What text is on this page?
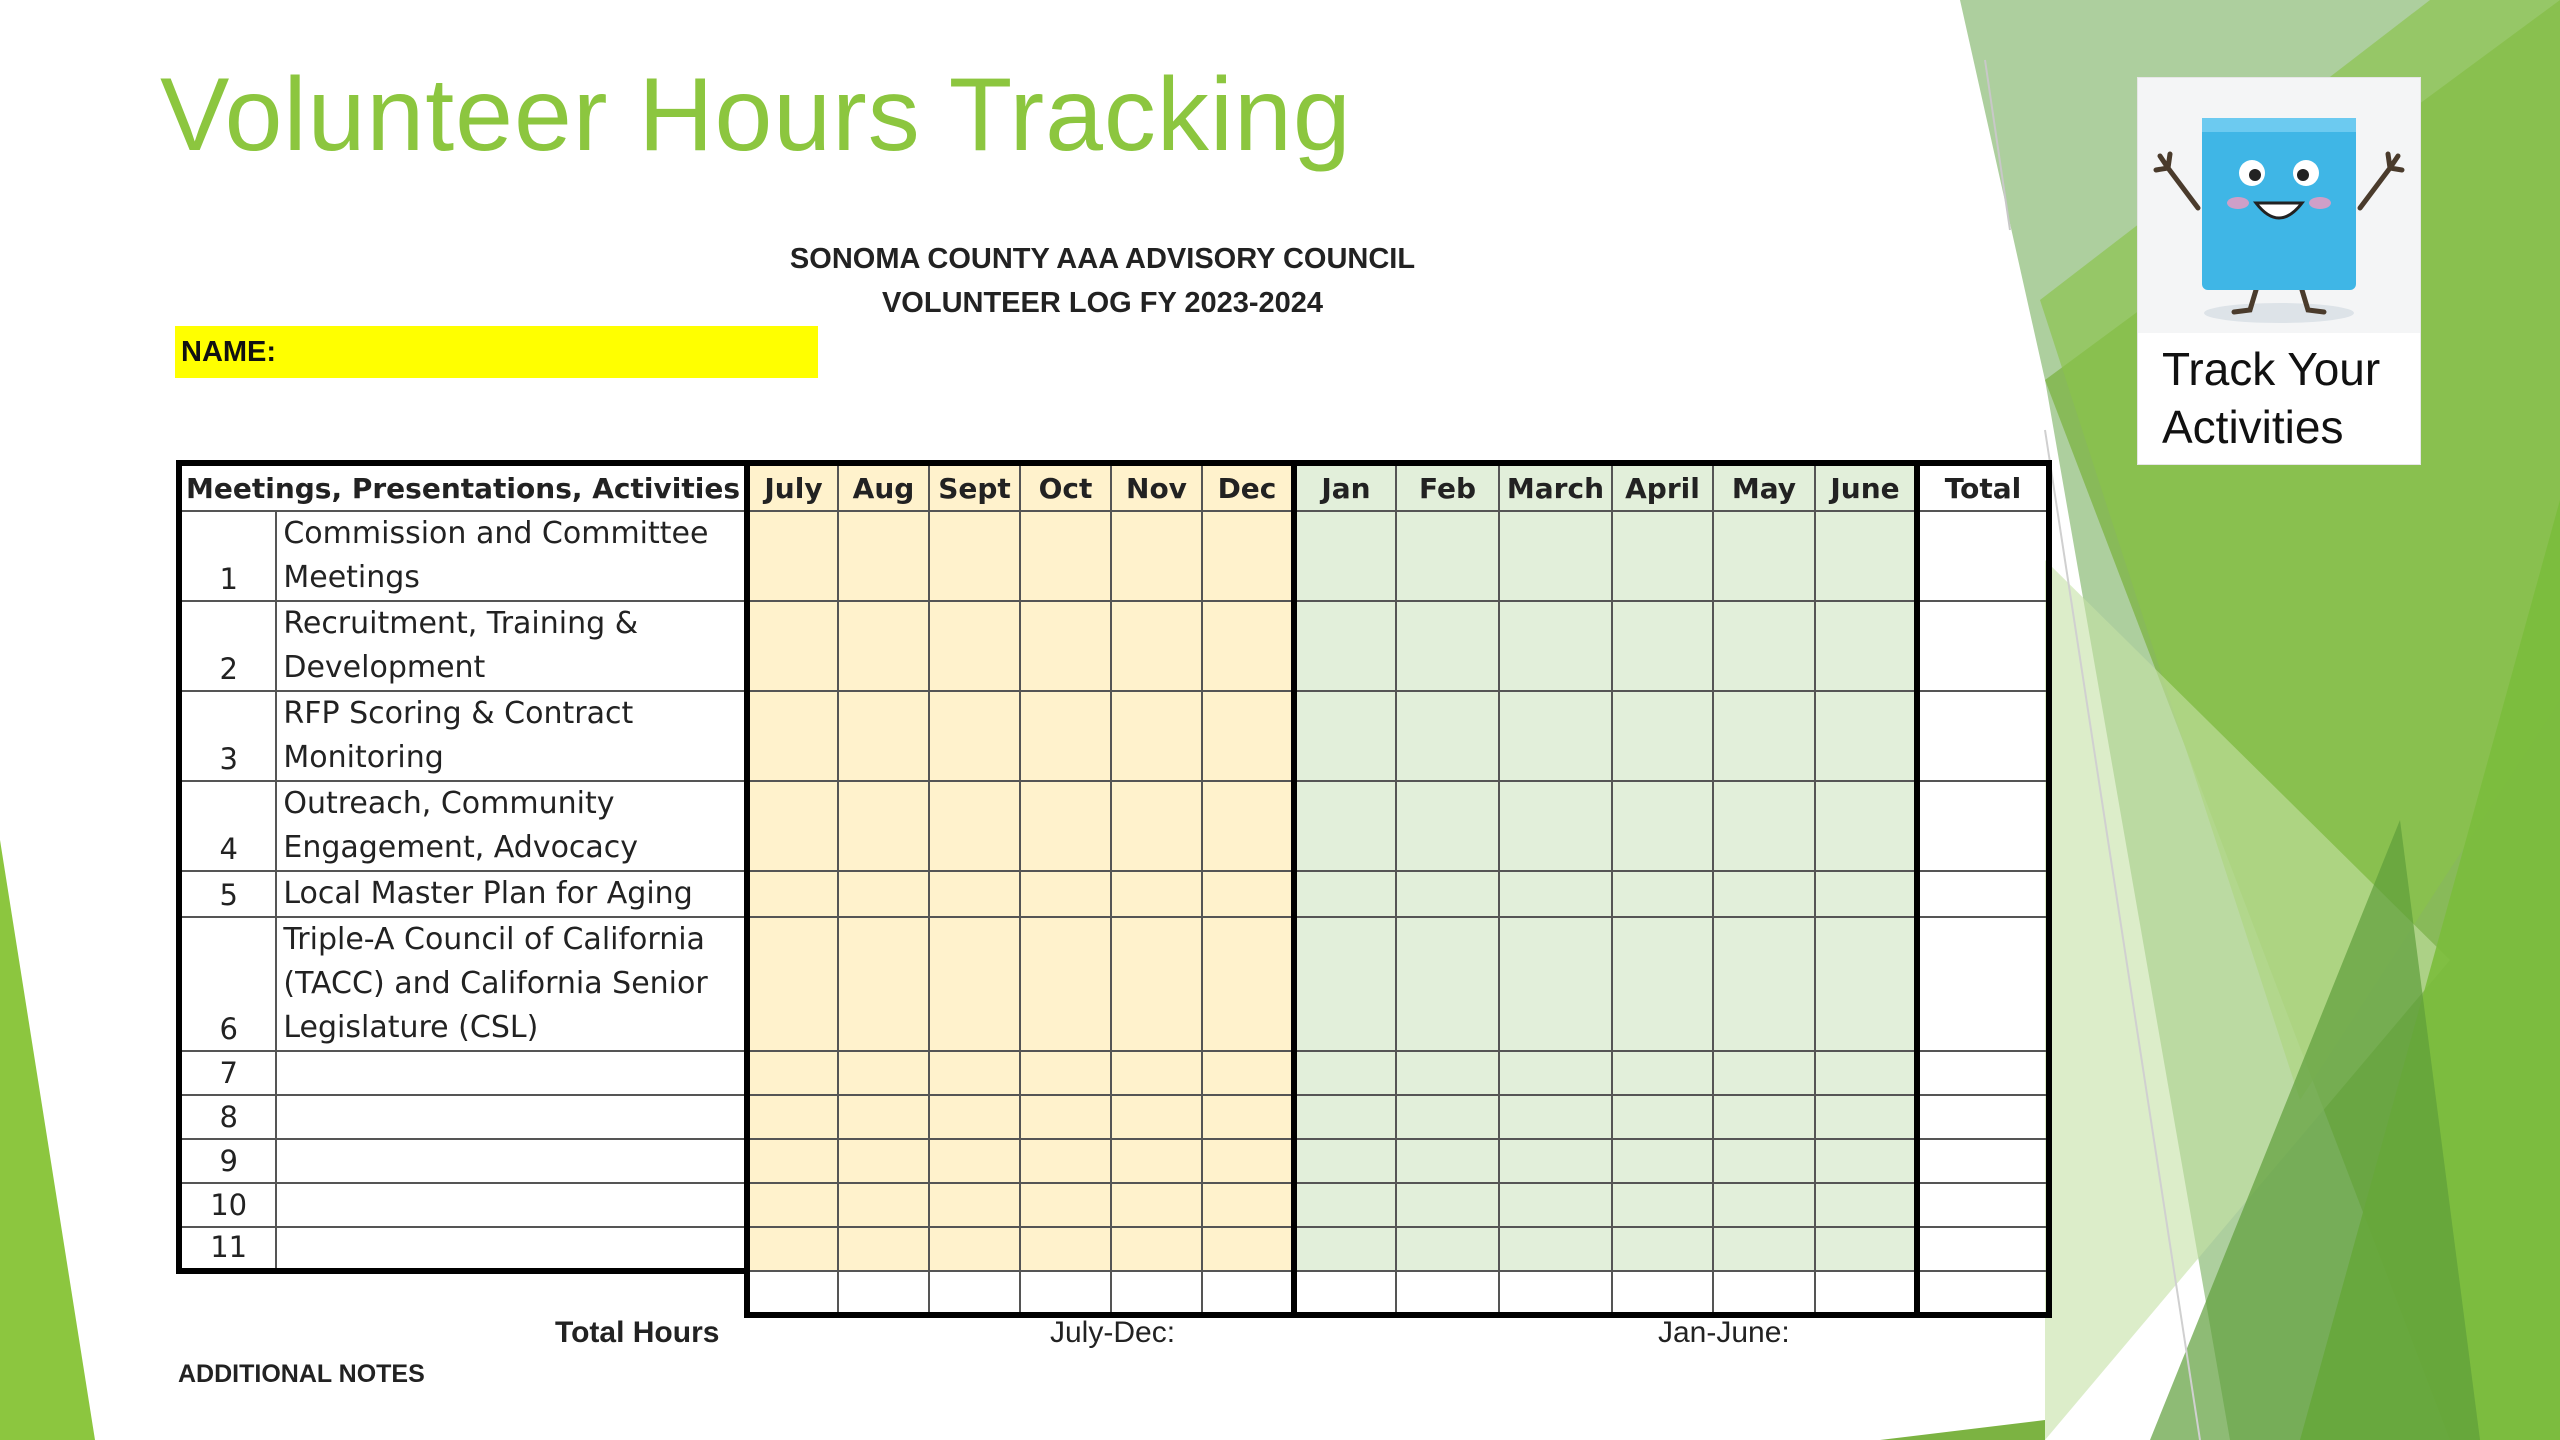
Volunteer Hours Tracking
SONOMA COUNTY AAA ADVISORY COUNCIL
VOLUNTEER LOG FY 2023-2024
NAME:
Meetings, Presentations, Activities		July	Aug	Sept	Oct	Nov	Dec	Jan	Feb	March	April	May	June	Total
1	Commission and Committee Meetings													
2	Recruitment, Training & Development													
3	RFP Scoring & Contract Monitoring													
4	Outreach, Community Engagement, Advocacy													
5	Local Master Plan for Aging													
6	Triple-A Council of California (TACC) and California Senior Legislature (CSL)													
7														
8														
9														
10														
11														

Total Hours	July-Dec:	Jan-June:
ADDITIONAL NOTES
Track Your
Activities
